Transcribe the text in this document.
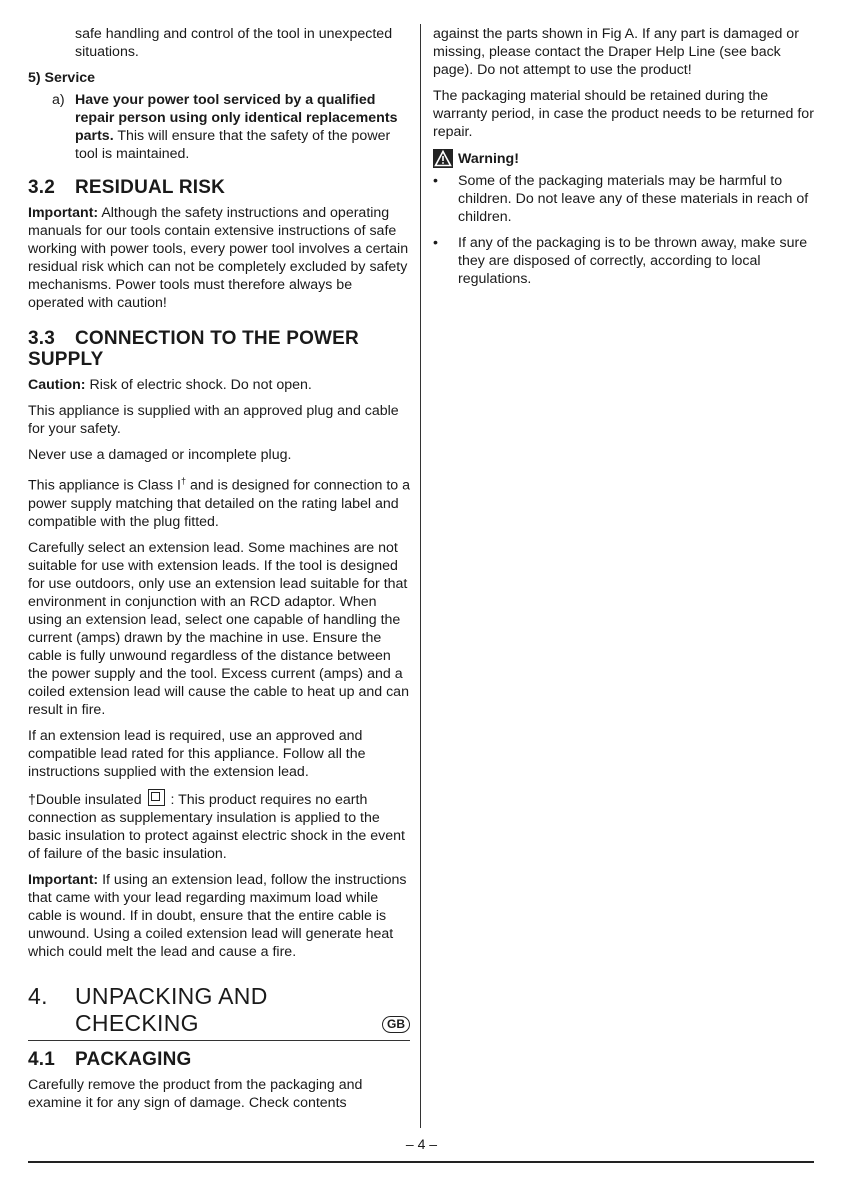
safe handling and control of the tool in unexpected situations.

5) Service

a) Have your power tool serviced by a qualified repair person using only identical replacements parts. This will ensure that the safety of the power tool is maintained.

3.2 RESIDUAL RISK

Important: Although the safety instructions and operating manuals for our tools contain extensive instructions of safe working with power tools, every power tool involves a certain residual risk which can not be completely excluded by safety mechanisms. Power tools must therefore always be operated with caution!

3.3 CONNECTION TO THE POWER SUPPLY

Caution: Risk of electric shock. Do not open.

This appliance is supplied with an approved plug and cable for your safety.

Never use a damaged or incomplete plug.

This appliance is Class I† and is designed for connection to a power supply matching that detailed on the rating label and compatible with the plug fitted.

Carefully select an extension lead. Some machines are not suitable for use with extension leads. If the tool is designed for use outdoors, only use an extension lead suitable for that environment in conjunction with an RCD adaptor. When using an extension lead, select one capable of handling the current (amps) drawn by the machine in use. Ensure the cable is fully unwound regardless of the distance between the power supply and the tool. Excess current (amps) and a coiled extension lead will cause the cable to heat up and can result in fire.

If an extension lead is required, use an approved and compatible lead rated for this appliance. Follow all the instructions supplied with the extension lead.

†Double insulated  : This product requires no earth connection as supplementary insulation is applied to the basic insulation to protect against electric shock in the event of failure of the basic insulation.

Important: If using an extension lead, follow the instructions that came with your lead regarding maximum load while cable is wound. If in doubt, ensure that the entire cable is unwound. Using a coiled extension lead will generate heat which could melt the lead and cause a fire.

4.	UNPACKING AND
CHECKING	GB
4.1 PACKAGING

Carefully remove the product from the packaging and examine it for any sign of damage. Check contents

against the parts shown in Fig A. If any part is damaged or missing, please contact the Draper Help Line (see back page). Do not attempt to use the product!

The packaging material should be retained during the warranty period, in case the product needs to be returned for repair.

Warning!

• Some of the packaging materials may be harmful to children. Do not leave any of these materials in reach of children.

• If any of the packaging is to be thrown away, make sure they are disposed of correctly, according to local regulations.

– 4 –
